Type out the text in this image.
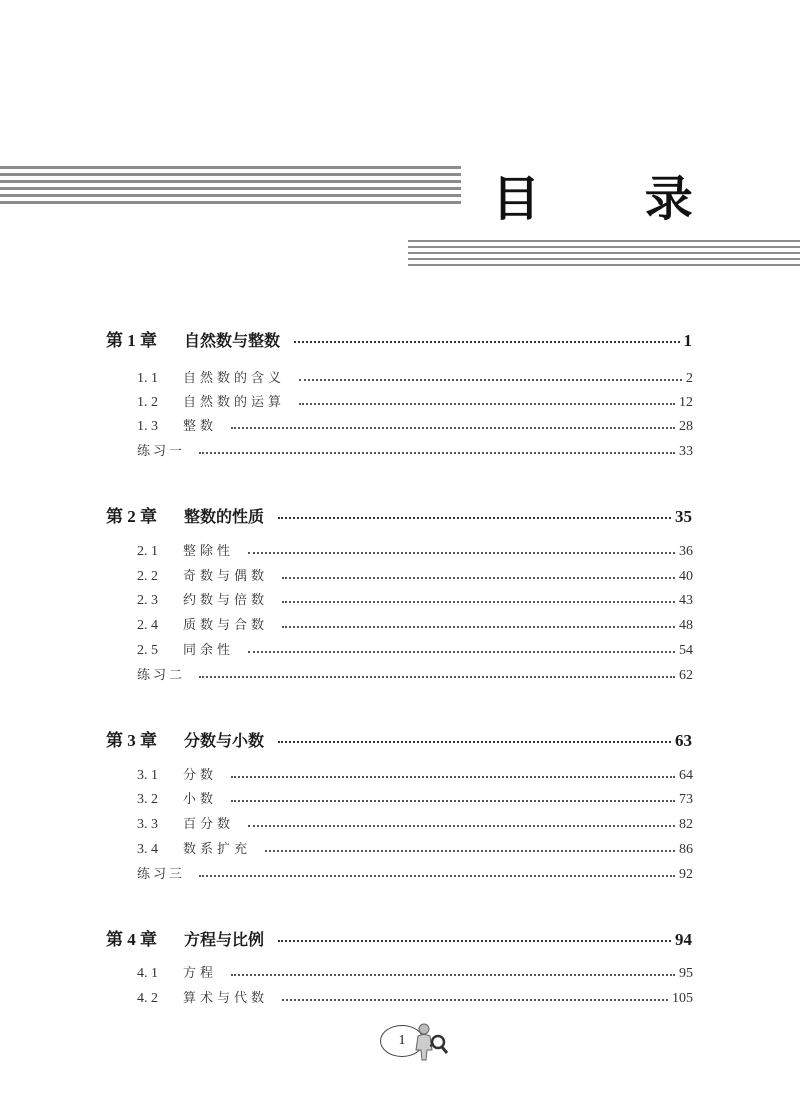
目 录
第 1 章	自然数与整数	1
1. 1	自然数的含义	2
1. 2	自然数的运算	12
1. 3	整数	28
练习一	33
第 2 章	整数的性质	35
2. 1	整除性	36
2. 2	奇数与偶数	40
2. 3	约数与倍数	43
2. 4	质数与合数	48
2. 5	同余性	54
练习二	62
第 3 章	分数与小数	63
3. 1	分数	64
3. 2	小数	73
3. 3	百分数	82
3. 4	数系扩充	86
练习三	92
第 4 章	方程与比例	94
4. 1	方程	95
4. 2	算术与代数	105
1
